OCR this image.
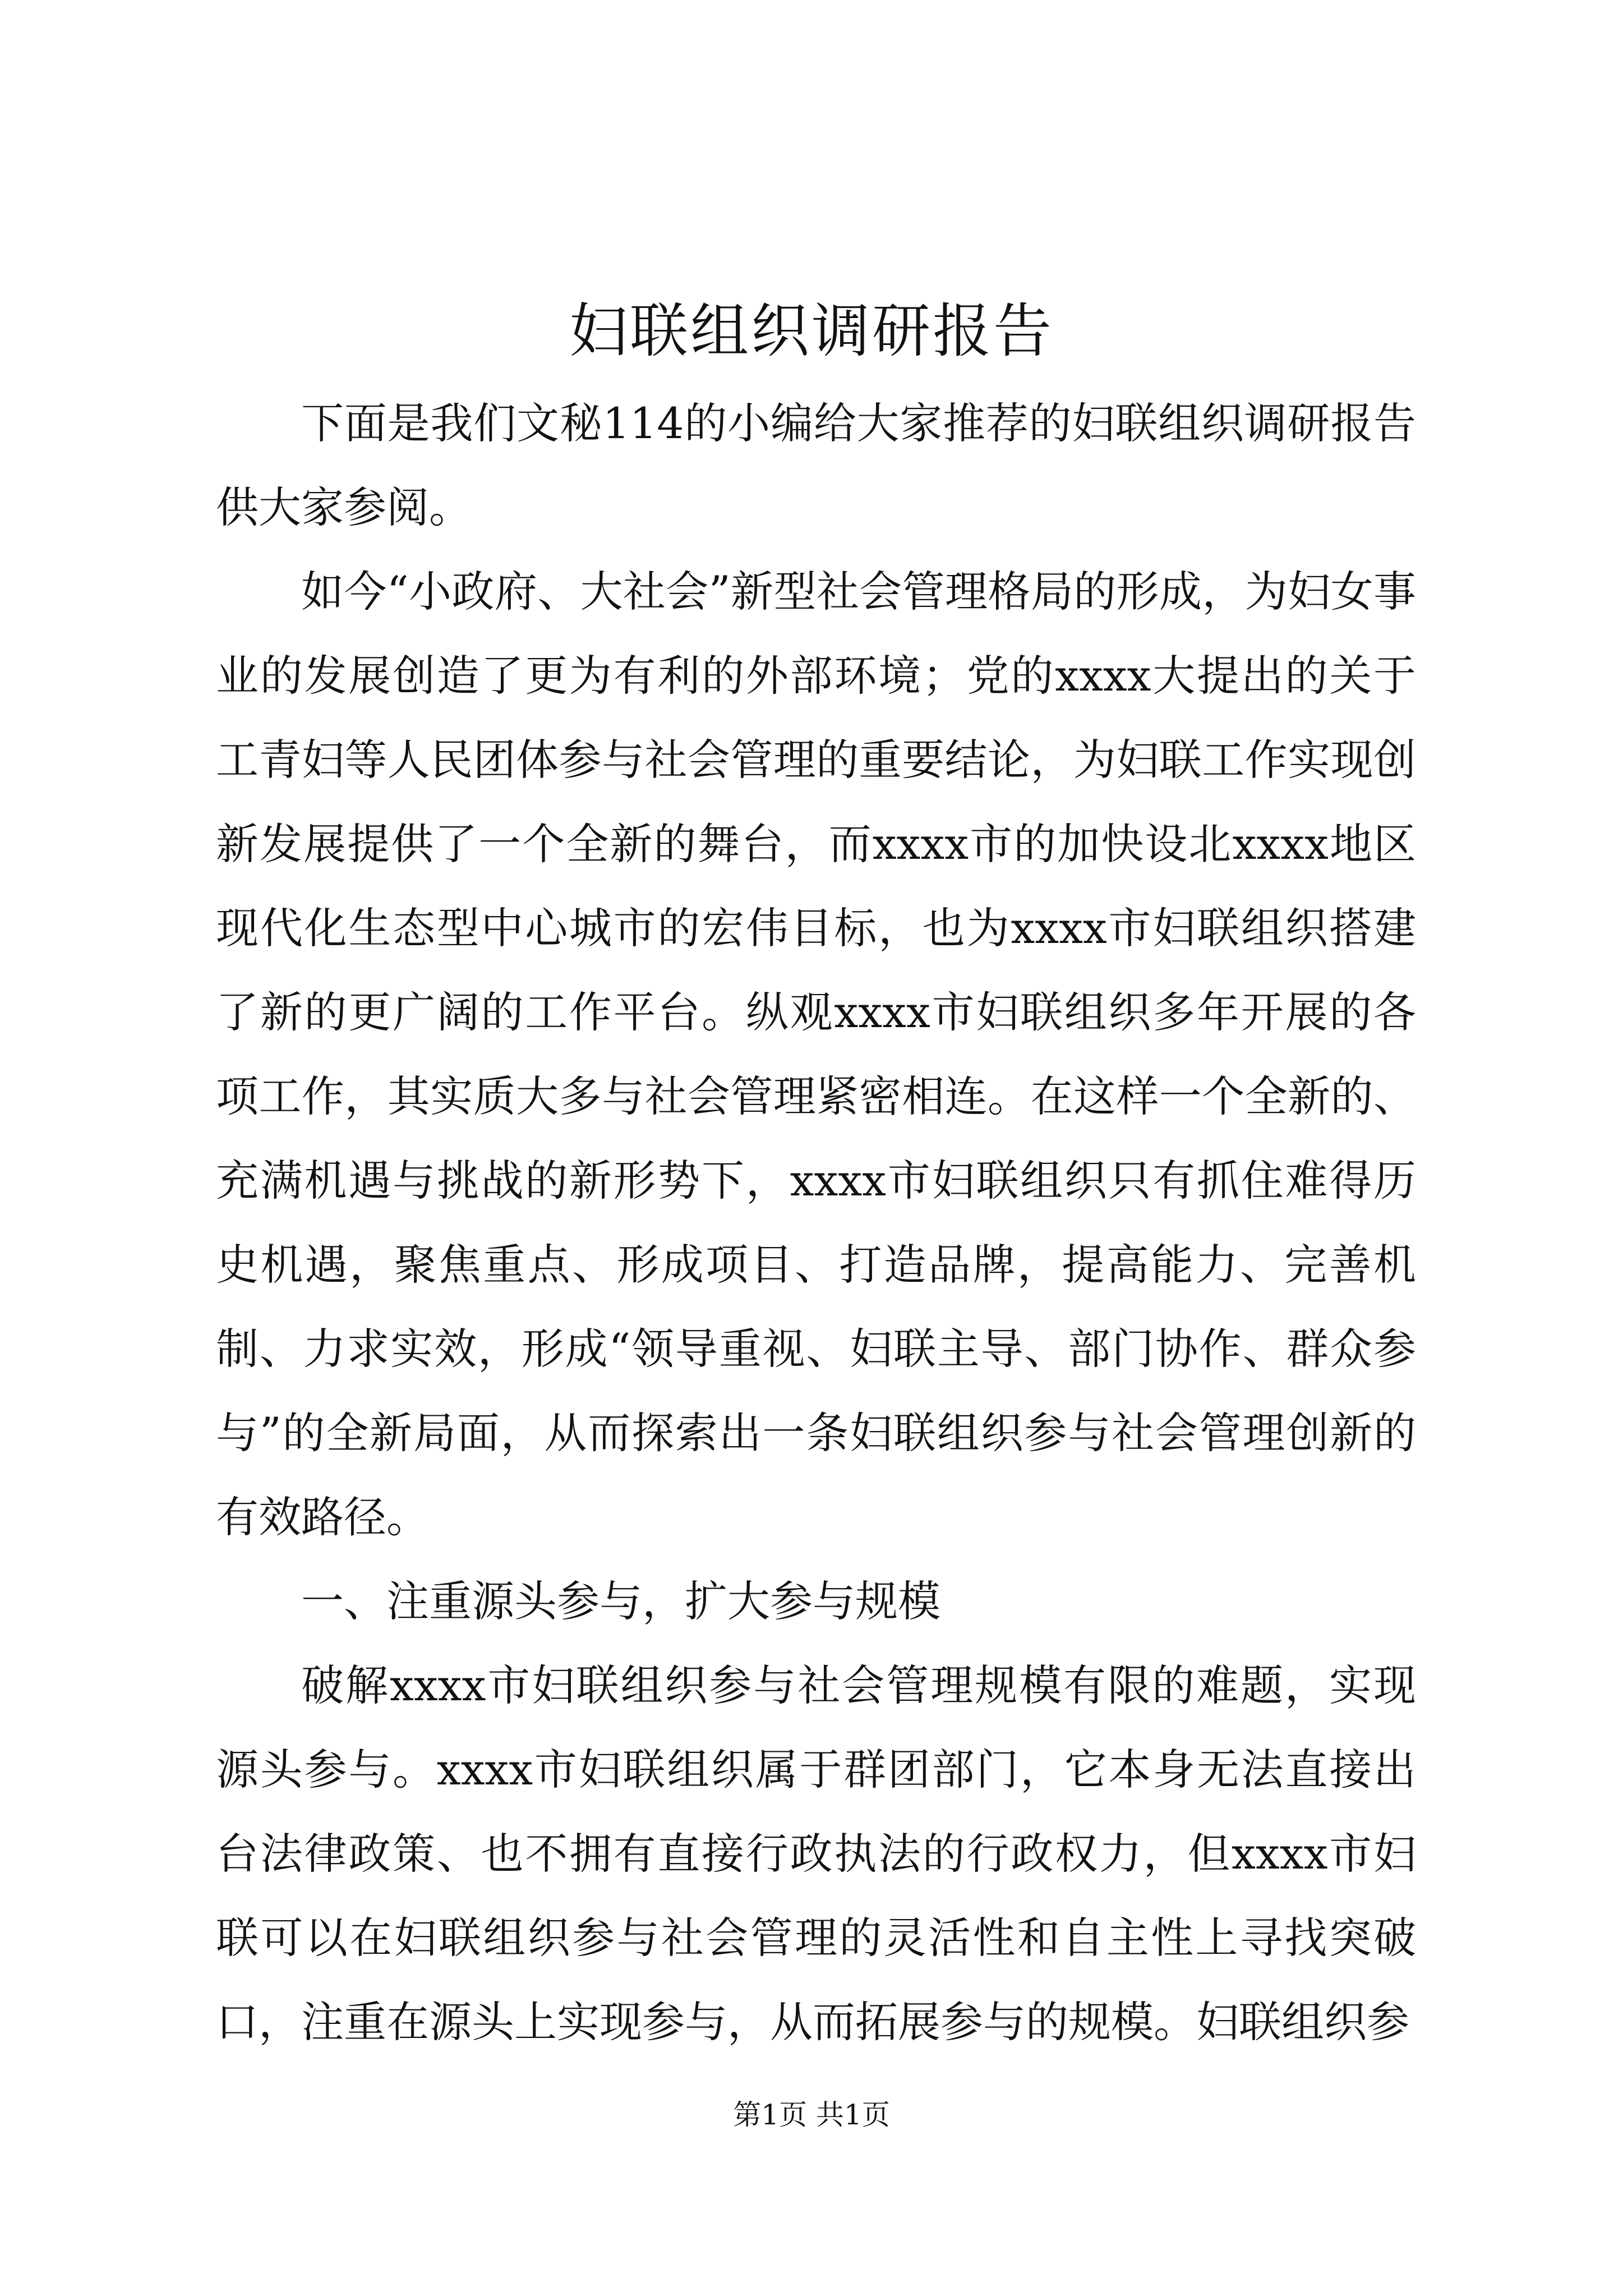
妇联组织调研报告

下面是我们文秘114的小编给大家推荐的妇联组织调研报告供大家参阅。

如今“小政府、大社会”新型社会管理格局的形成，为妇女事业的发展创造了更为有利的外部环境；党的xxxx大提出的关于工青妇等人民团体参与社会管理的重要结论，为妇联工作实现创新发展提供了一个全新的舞台，而xxxx市的加快设北xxxx地区现代化生态型中心城市的宏伟目标，也为xxxx市妇联组织搭建了新的更广阔的工作平台。纵观xxxx市妇联组织多年开展的各项工作，其实质大多与社会管理紧密相连。在这样一个全新的、充满机遇与挑战的新形势下，xxxx市妇联组织只有抓住难得历史机遇，聚焦重点、形成项目、打造品牌，提高能力、完善机制、力求实效，形成“领导重视、妇联主导、部门协作、群众参与”的全新局面，从而探索出一条妇联组织参与社会管理创新的有效路径。

一、注重源头参与，扩大参与规模

破解xxxx市妇联组织参与社会管理规模有限的难题，实现源头参与。xxxx市妇联组织属于群团部门，它本身无法直接出台法律政策、也不拥有直接行政执法的行政权力，但xxxx市妇联可以在妇联组织参与社会管理的灵活性和自主性上寻找突破口，注重在源头上实现参与，从而拓展参与的规模。妇联组织参

第1页 共1页
